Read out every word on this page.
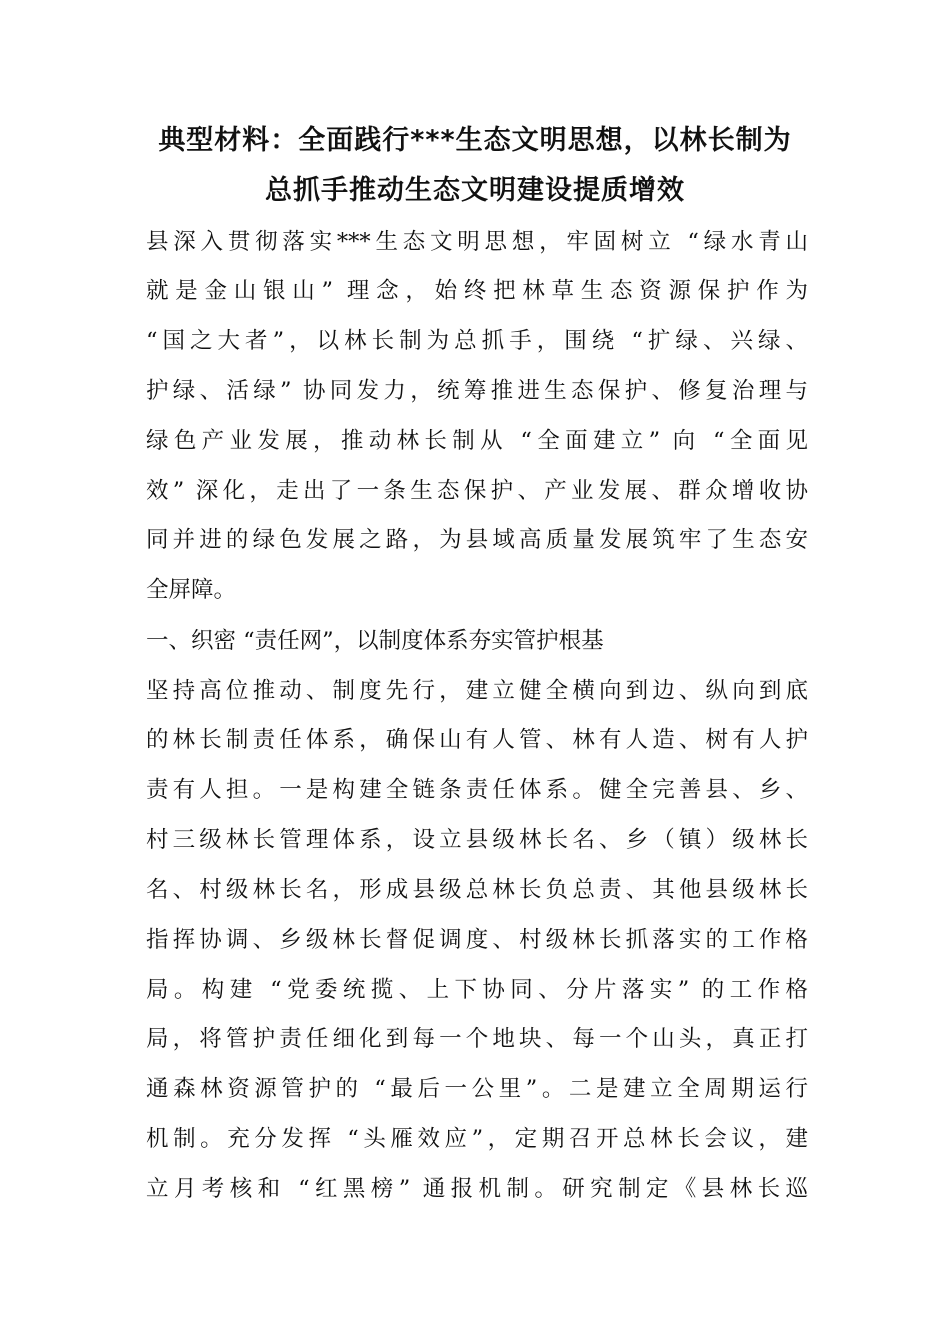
典型材料：全面践行***生态文明思想，以林长制为
总抓手推动生态文明建设提质增效
县深入贯彻落实***生态文明思想，牢固树立 “绿水青山
就是金山银山” 理念，始终把林草生态资源保护作为
“国之大者”，以林长制为总抓手，围绕 “扩绿、兴绿、
护绿、活绿” 协同发力，统筹推进生态保护、修复治理与
绿色产业发展，推动林长制从 “全面建立” 向 “全面见
效” 深化，走出了一条生态保护、产业发展、群众增收协
同并进的绿色发展之路，为县域高质量发展筑牢了生态安
全屏障。
一、织密 “责任网”，以制度体系夯实管护根基
坚持高位推动、制度先行，建立健全横向到边、纵向到底
的林长制责任体系，确保山有人管、林有人造、树有人护
责有人担。一是构建全链条责任体系。健全完善县、乡、
村三级林长管理体系，设立县级林长名、乡（镇）级林长
名、村级林长名，形成县级总林长负总责、其他县级林长
指挥协调、乡级林长督促调度、村级林长抓落实的工作格
局。构建 “党委统揽、上下协同、分片落实” 的工作格
局，将管护责任细化到每一个地块、每一个山头，真正打
通森林资源管护的 “最后一公里”。二是建立全周期运行
机制。充分发挥 “头雁效应”，定期召开总林长会议，建
立月考核和 “红黑榜” 通报机制。研究制定《县林长巡
